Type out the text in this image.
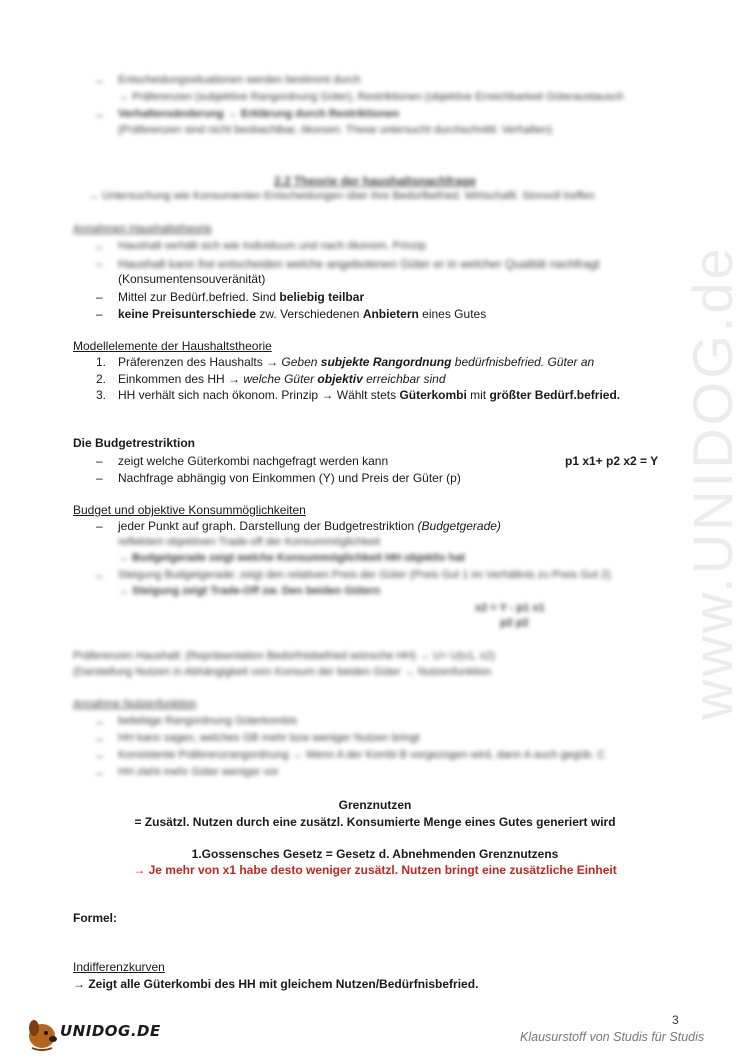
www.UNIDOG.de
–	Entscheidungssituationen werden bestimmt durch
→ Präferenzen (subjektive Rangordnung Güter), Restriktionen (objektive Erreichbarkeit Güteraustausch
–	Verhaltensänderung → Erklärung durch Restriktionen
(Präferenzen sind nicht beobachtbar, ökonom. These untersucht durchschnittl. Verhalten)
2.2 Theorie der haushaltsnachfrage
→ Untersuchung wie Konsumenten Entscheidungen über ihre Bedürfbefried. Wirtschaftl. Sinnvoll treffen
Annahmen Haushaltstheorie
–	Haushalt verhält sich wie Individuum und nach ökonom. Prinzip
–	Haushalt kann frei entscheiden welche angebotenen Güter er in welcher Qualität nachfragt
(Konsumentensouveränität)
–	Mittel zur Bedürf.befried. Sind beliebig teilbar
–	keine Preisunterschiede zw. Verschiedenen Anbietern eines Gutes
Modellelemente der Haushaltstheorie
1. Präferenzen des Haushalts → Geben subjekte Rangordnung bedürfnisbefried. Güter an
2. Einkommen des HH → welche Güter objektiv erreichbar sind
3. HH verhält sich nach ökonom. Prinzip → Wählt stets Güterkombi mit größter Bedürf.befried.
Die Budgetrestriktion
–	zeigt welche Güterkombi nachgefragt werden kann	p1 x1+ p2 x2 = Y
–	Nachfrage abhängig von Einkommen (Y) und Preis der Güter (p)
Budget und objektive Konsummöglichkeiten
–	jeder Punkt auf graph. Darstellung der Budgetrestriktion (Budgetgerade)
reflektiert objektiven Trade-off der Konsummöglichkeit
→ Budgetgerade zeigt welche Konsummöglichkeit HH objektiv hat
–	Steigung Budgetgerade: zeigt den relativen Preis der Güter (Preis Gut 1 im Verhältnis zu Preis Gut 2)
→ Steigung zeigt Trade-Off zw. Den beiden Gütern
x2 = Y - p1 x1
p2 p2
Präferenzen Haushalt: (Repräsentation Bedürfnisbefried wünsche HH) → U= U(x1, x2)
(Darstellung Nutzen in Abhängigkeit vom Konsum der beiden Güter → Nutzenfunktion
Annahme Nutzenfunktion
–	beliebige Rangordnung Güterkombis
–	HH kann sagen, welches GB mehr bzw weniger Nutzen bringt
–	Konsistente Präferenzrangordnung → Wenn A der Kombi B vorgezogen wird, dann A auch gegüb. C
–	HH zieht mehr Güter weniger vor
Grenznutzen
= Zusätzl. Nutzen durch eine zusätzl. Konsumierte Menge eines Gutes generiert wird
1.Gossensches Gesetz = Gesetz d. Abnehmenden Grenznutzens
→ Je mehr von x1 habe desto weniger zusätzl. Nutzen bringt eine zusätzliche Einheit
Formel:
Indifferenzkurven
→ Zeigt alle Güterkombi des HH mit gleichem Nutzen/Bedürfnisbefried.
3
UNIDOG.DE	Klausurstoff von Studis für Studis
